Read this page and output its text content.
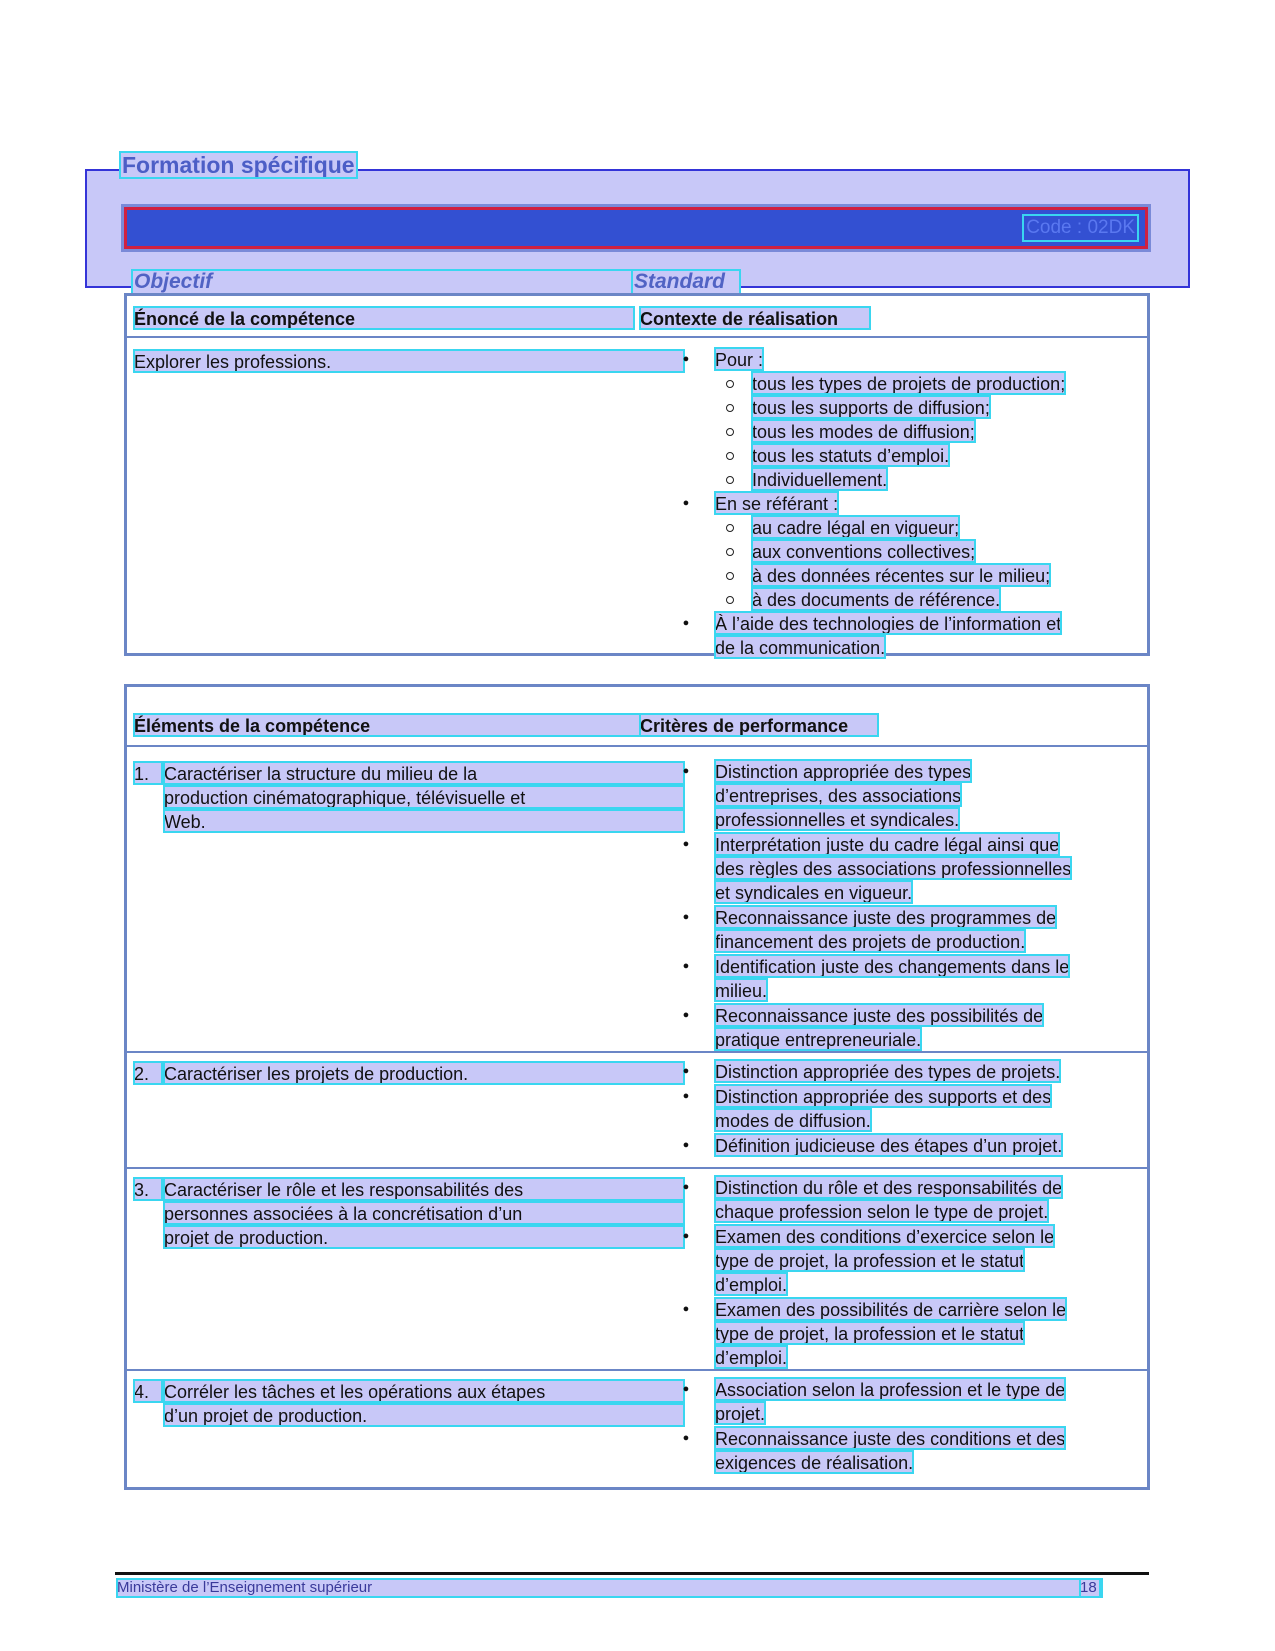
Formation spécifique
Code : 02DK
Objectif	Standard
Énoncé de la compétence	Contexte de réalisation
Explorer les professions.	● Pour :
tous les types de projets de production;
tous les supports de diffusion;
tous les modes de diffusion;
tous les statuts d’emploi.
Individuellement.
● En se référant :
au cadre légal en vigueur;
aux conventions collectives;
à des données récentes sur le milieu;
à des documents de référence.
● À l’aide des technologies de l’information et
de la communication.
Éléments de la compétence	Critères de performance
1. Caractériser la structure du milieu de la
production cinématographique, télévisuelle et
Web.
● Distinction appropriée des types
d’entreprises, des associations
professionnelles et syndicales.
● Interprétation juste du cadre légal ainsi que
des règles des associations professionnelles
et syndicales en vigueur.
● Reconnaissance juste des programmes de
financement des projets de production.
● Identification juste des changements dans le
milieu.
● Reconnaissance juste des possibilités de
pratique entrepreneuriale.
2. Caractériser les projets de production.	● Distinction appropriée des types de projets.
● Distinction appropriée des supports et des
modes de diffusion.
● Définition judicieuse des étapes d’un projet.
3. Caractériser le rôle et les responsabilités des
personnes associées à la concrétisation d’un
projet de production.
● Distinction du rôle et des responsabilités de
chaque profession selon le type de projet.
● Examen des conditions d’exercice selon le
type de projet, la profession et le statut
d’emploi.
● Examen des possibilités de carrière selon le
type de projet, la profession et le statut
d’emploi.
4. Corréler les tâches et les opérations aux étapes
d’un projet de production.
● Association selon la profession et le type de
projet.
● Reconnaissance juste des conditions et des
exigences de réalisation.
Ministère de l’Enseignement supérieur	18
